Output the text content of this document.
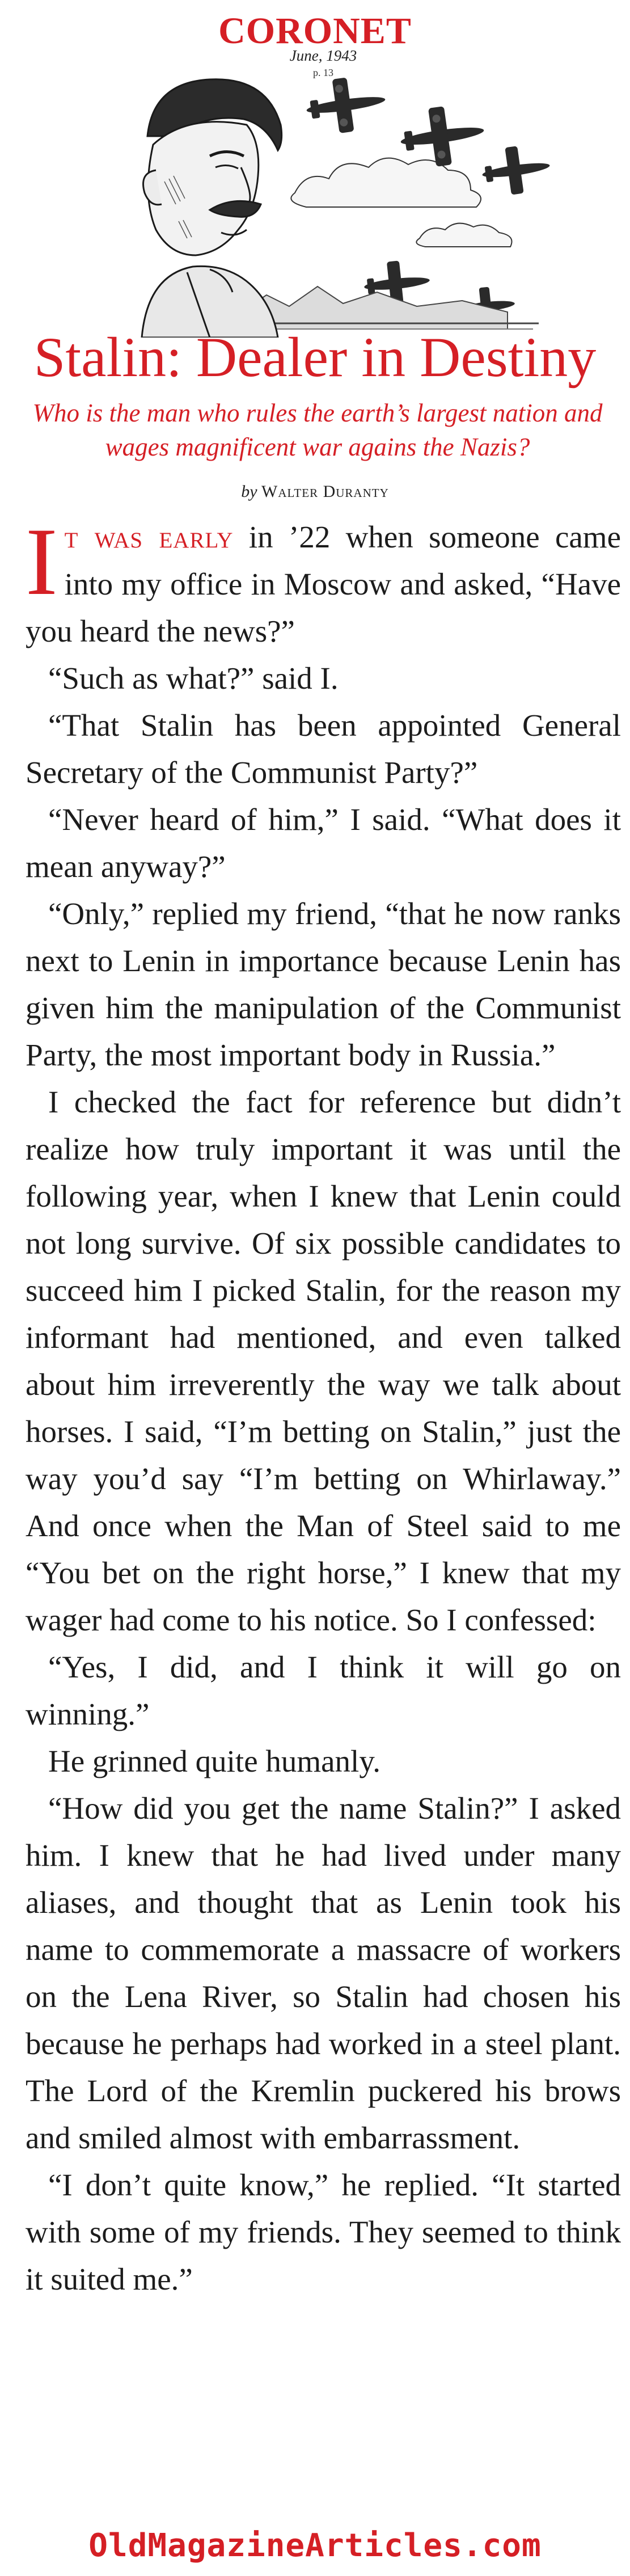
CORONET
June, 1943
p. 13
Stalin: Dealer in Destiny
Who is the man who rules the earth’s largest nation and wages magnificent war agains the Nazis?
by Walter Duranty

It was early in ’22 when someone came into my office in Moscow and asked, “Have you heard the news?”

“Such as what?” said I.

“That Stalin has been appointed General Secretary of the Communist Party?”

“Never heard of him,” I said. “What does it mean anyway?”

“Only,” replied my friend, “that he now ranks next to Lenin in importance because Lenin has given him the manipulation of the Communist Party, the most important body in Russia.”

I checked the fact for reference but didn’t realize how truly important it was until the following year, when I knew that Lenin could not long survive. Of six possible candidates to succeed him I picked Stalin, for the reason my informant had mentioned, and even talked about him irreverently the way we talk about horses. I said, “I’m betting on Stalin,” just the way you’d say “I’m betting on Whirlaway.” And once when the Man of Steel said to me “You bet on the right horse,” I knew that my wager had come to his notice. So I confessed:

“Yes, I did, and I think it will go on winning.”

He grinned quite humanly.

“How did you get the name Stalin?” I asked him. I knew that he had lived under many aliases, and thought that as Lenin took his name to commemorate a massacre of workers on the Lena River, so Stalin had chosen his because he perhaps had worked in a steel plant. The Lord of the Kremlin puckered his brows and smiled almost with embarrassment.

“I don’t quite know,” he replied. “It started with some of my friends. They seemed to think it suited me.”

OldMagazineArticles.com
